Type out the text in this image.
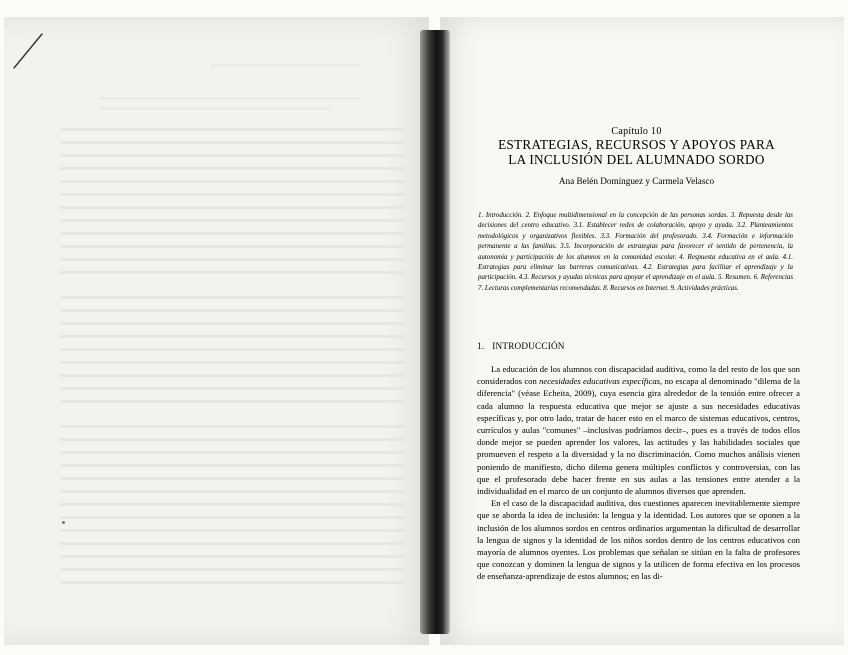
Capítulo 10
ESTRATEGIAS, RECURSOS Y APOYOS PARA
LA INCLUSIÓN DEL ALUMNADO SORDO
Ana Belén Domínguez y Carmela Velasco
1. Introducción. 2. Enfoque multidimensional en la concepción de las personas sordas. 3. Repuesta desde las decisiones del centro educativo. 3.1. Establecer redes de colaboración, apoyo y ayuda. 3.2. Planteamientos metodológicos y organizativos flexibles. 3.3. Formación del profesorado. 3.4. Formación e información permanente a las familias. 3.5. Incorporación de estrategias para favorecer el sentido de pertenencia, la autonomía y participación de los alumnos en la comunidad escolar. 4. Respuesta educativa en el aula. 4.1. Estrategias para eliminar las barreras comunicativas. 4.2. Estrategias para facilitar el aprendizaje y la participación. 4.3. Recursos y ayudas técnicas para apoyar el aprendizaje en el aula. 5. Resumen. 6. Referencias 7. Lecturas complementarias recomendadas. 8. Recursos en Internet. 9. Actividades prácticas.
1. INTRODUCCIÓN

La educación de los alumnos con discapacidad auditiva, como la del resto de los que son considerados con necesidades educativas específicas, no escapa al denominado "dilema de la diferencia" (véase Echeita, 2009), cuya esencia gira alrededor de la tensión entre ofrecer a cada alumno la respuesta educativa que mejor se ajuste a sus necesidades educativas específicas y, por otro lado, tratar de hacer esto en el marco de sistemas educativos, centros, currículos y aulas "comunes" –inclusivas podríamos decir–, pues es a través de todos ellos donde mejor se pueden aprender los valores, las actitudes y las habilidades sociales que promueven el respeto a la diversidad y la no discriminación. Como muchos análisis vienen poniendo de manifiesto, dicho dilema genera múltiples conflictos y controversias, con las que el profesorado debe hacer frente en sus aulas a las tensiones entre atender a la individualidad en el marco de un conjunto de alumnos diversos que aprenden.

En el caso de la discapacidad auditiva, dos cuestiones aparecen inevitablemente siempre que se aborda la idea de inclusión: la lengua y la identidad. Los autores que se oponen a la inclusión de los alumnos sordos en centros ordinarios argumentan la dificultad de desarrollar la lengua de signos y la identidad de los niños sordos dentro de los centros educativos con mayoría de alumnos oyentes. Los problemas que señalan se sitúan en la falta de profesores que conozcan y dominen la lengua de signos y la utilicen de forma efectiva en los procesos de enseñanza-aprendizaje de estos alumnos; en las di-
